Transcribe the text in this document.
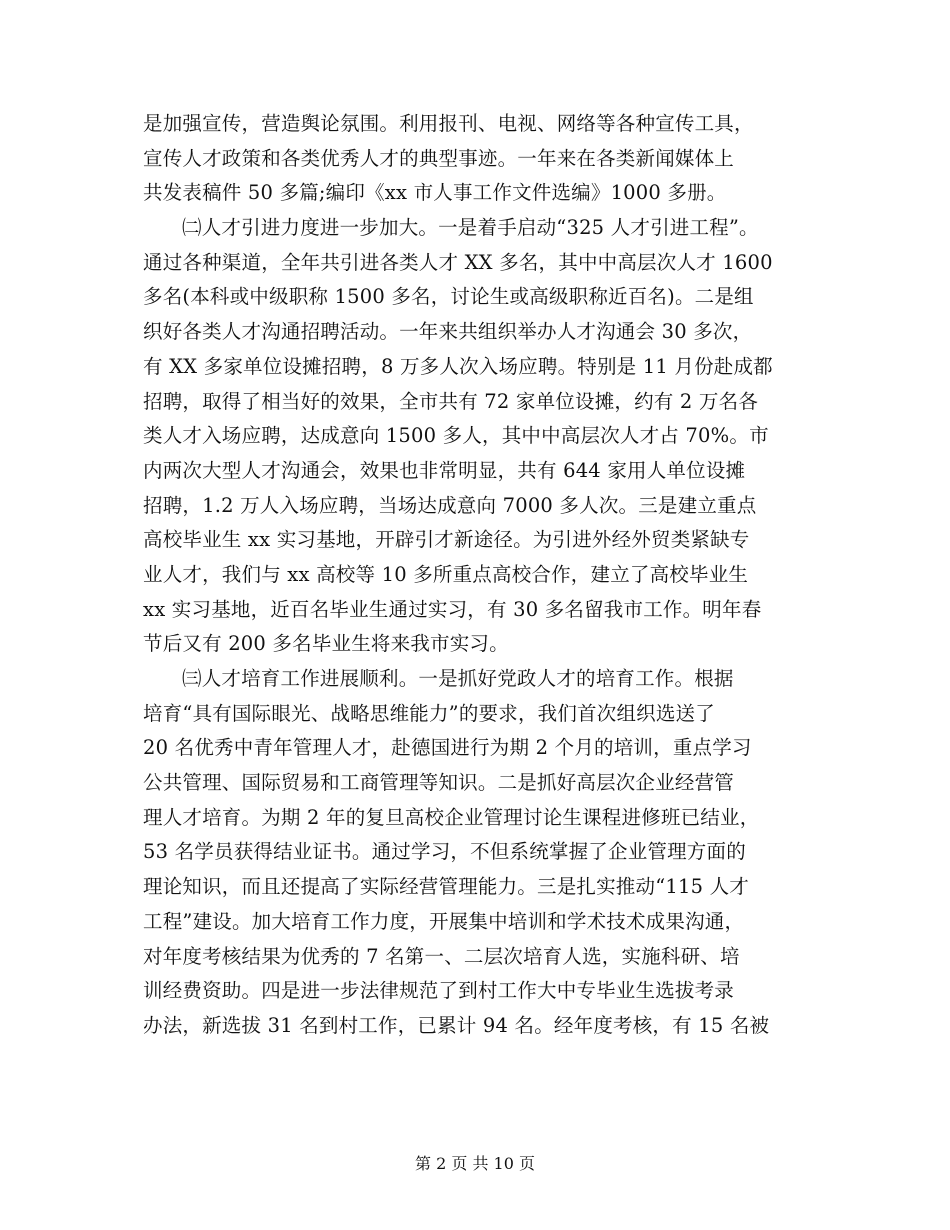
是加强宣传，营造舆论氛围。利用报刊、电视、网络等各种宣传工具，
宣传人才政策和各类优秀人才的典型事迹。一年来在各类新闻媒体上
共发表稿件 50 多篇;编印《xx 市人事工作文件选编》1000 多册。
㈡人才引进力度进一步加大。一是着手启动“325 人才引进工程”。
通过各种渠道，全年共引进各类人才 XX 多名，其中中高层次人才 1600
多名(本科或中级职称 1500 多名，讨论生或高级职称近百名)。二是组
织好各类人才沟通招聘活动。一年来共组织举办人才沟通会 30 多次，
有 XX 多家单位设摊招聘，8 万多人次入场应聘。特别是 11 月份赴成都
招聘，取得了相当好的效果，全市共有 72 家单位设摊，约有 2 万名各
类人才入场应聘，达成意向 1500 多人，其中中高层次人才占 70%。市
内两次大型人才沟通会，效果也非常明显，共有 644 家用人单位设摊
招聘，1.2 万人入场应聘，当场达成意向 7000 多人次。三是建立重点
高校毕业生 xx 实习基地，开辟引才新途径。为引进外经外贸类紧缺专
业人才，我们与 xx 高校等 10 多所重点高校合作，建立了高校毕业生
xx 实习基地，近百名毕业生通过实习，有 30 多名留我市工作。明年春
节后又有 200 多名毕业生将来我市实习。
㈢人才培育工作进展顺利。一是抓好党政人才的培育工作。根据
培育“具有国际眼光、战略思维能力”的要求，我们首次组织选送了
20 名优秀中青年管理人才，赴德国进行为期 2 个月的培训，重点学习
公共管理、国际贸易和工商管理等知识。二是抓好高层次企业经营管
理人才培育。为期 2 年的复旦高校企业管理讨论生课程进修班已结业，
53 名学员获得结业证书。通过学习，不但系统掌握了企业管理方面的
理论知识，而且还提高了实际经营管理能力。三是扎实推动“115 人才
工程”建设。加大培育工作力度，开展集中培训和学术技术成果沟通，
对年度考核结果为优秀的 7 名第一、二层次培育人选，实施科研、培
训经费资助。四是进一步法律规范了到村工作大中专毕业生选拔考录
办法，新选拔 31 名到村工作，已累计 94 名。经年度考核，有 15 名被
第 2 页 共 10 页
